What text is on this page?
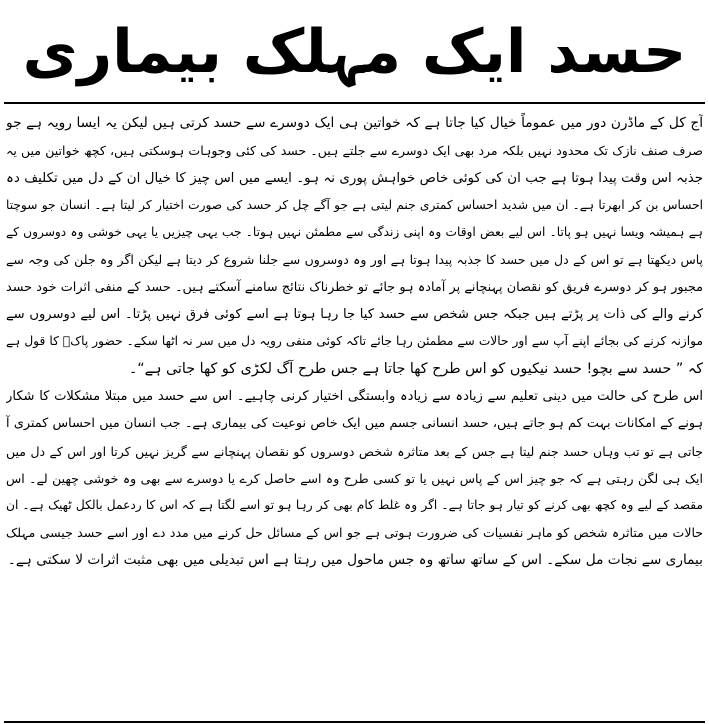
حسد ایک مہلک بیماری
آج کل کے ماڈرن دور میں عموماً خیال کیا جاتا ہے کہ خواتین ہی ایک دوسرے سے حسد کرتی ہیں لیکن یہ ایسا رویہ ہے جو
صرف صنف نازک تک محدود نہیں بلکہ مرد بھی ایک دوسرے سے جلتے ہیں۔ حسد کی کئی وجوہات ہوسکتی ہیں، کچھ خواتین میں یہ
جذبہ اس وقت پیدا ہوتا ہے جب ان کی کوئی خاص خواہش پوری نہ ہو۔ ایسے میں اس چیز کا خیال ان کے دل میں تکلیف دہ
احساس بن کر ابھرتا ہے۔ ان میں شدید احساس کمتری جنم لیتی ہے جو آگے چل کر حسد کی صورت اختیار کر لیتا ہے۔ انسان جو سوچتا
ہے ہمیشہ ویسا نہیں ہو پاتا۔ اس لیے بعض اوقات وہ اپنی زندگی سے مطمئن نہیں ہوتا۔ جب یہی چیزیں یا یہی خوشی وہ دوسروں کے
پاس دیکھتا ہے تو اس کے دل میں حسد کا جذبہ پیدا ہوتا ہے اور وہ دوسروں سے جلنا شروع کر دیتا ہے لیکن اگر وہ جلن کی وجہ سے
مجبور ہو کر دوسرے فریق کو نقصان پہنچانے پر آمادہ ہو جائے تو خطرناک نتائج سامنے آسکتے ہیں۔ حسد کے منفی اثرات خود حسد
کرنے والے کی ذات پر پڑتے ہیں جبکہ جس شخص سے حسد کیا جا رہا ہوتا ہے اسے کوئی فرق نہیں پڑتا۔ اس لیے دوسروں سے
موازنہ کرنے کی بجائے اپنے آپ سے اور حالات سے مطمئن رہا جائے تاکہ کوئی منفی رویہ دل میں سر نہ اٹھا سکے۔ حضور پاکؐ کا قول ہے
کہ ” حسد سے بچو! حسد نیکیوں کو اس طرح کھا جاتا ہے جس طرح آگ لکڑی کو کھا جاتی ہے“۔
اس طرح کی حالت میں دینی تعلیم سے زیادہ سے زیادہ وابستگی اختیار کرنی چاہیے۔ اس سے حسد میں مبتلا مشکلات کا شکار
ہونے کے امکانات بہت کم ہو جاتے ہیں، حسد انسانی جسم میں ایک خاص نوعیت کی بیماری ہے۔ جب انسان میں احساس کمتری آ
جاتی ہے تو تب وہاں حسد جنم لیتا ہے جس کے بعد متاثرہ شخص دوسروں کو نقصان پہنچانے سے گریز نہیں کرتا اور اس کے دل میں
ایک ہی لگن رہتی ہے کہ جو چیز اس کے پاس نہیں یا تو کسی طرح وہ اسے حاصل کرے یا دوسرے سے بھی وہ خوشی چھین لے۔ اس
مقصد کے لیے وہ کچھ بھی کرنے کو تیار ہو جاتا ہے۔ اگر وہ غلط کام بھی کر رہا ہو تو اسے لگتا ہے کہ اس کا ردعمل بالکل ٹھیک ہے۔ ان
حالات میں متاثرہ شخص کو ماہر نفسیات کی ضرورت ہوتی ہے جو اس کے مسائل حل کرنے میں مدد دے اور اسے حسد جیسی مہلک
بیماری سے نجات مل سکے۔ اس کے ساتھ ساتھ وہ جس ماحول میں رہتا ہے اس تبدیلی میں بھی مثبت اثرات لا سکتی ہے۔
